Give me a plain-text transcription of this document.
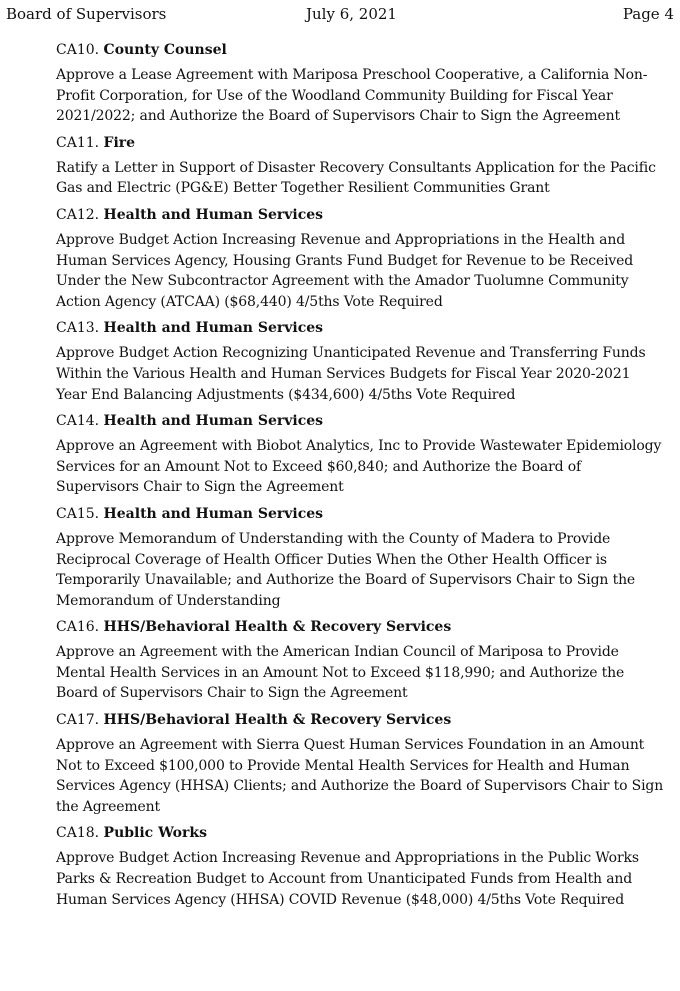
Board of Supervisors	July 6, 2021	Page 4
CA10. County Counsel
Approve a Lease Agreement with Mariposa Preschool Cooperative, a California Non-Profit Corporation, for Use of the Woodland Community Building for Fiscal Year 2021/2022; and Authorize the Board of Supervisors Chair to Sign the Agreement
CA11. Fire
Ratify a Letter in Support of Disaster Recovery Consultants Application for the Pacific Gas and Electric (PG&E) Better Together Resilient Communities Grant
CA12. Health and Human Services
Approve Budget Action Increasing Revenue and Appropriations in the Health and Human Services Agency, Housing Grants Fund Budget for Revenue to be Received Under the New Subcontractor Agreement with the Amador Tuolumne Community Action Agency (ATCAA) ($68,440) 4/5ths Vote Required
CA13. Health and Human Services
Approve Budget Action Recognizing Unanticipated Revenue and Transferring Funds Within the Various Health and Human Services Budgets for Fiscal Year 2020-2021 Year End Balancing Adjustments ($434,600) 4/5ths Vote Required
CA14. Health and Human Services
Approve an Agreement with Biobot Analytics, Inc to Provide Wastewater Epidemiology Services for an Amount Not to Exceed $60,840; and Authorize the Board of Supervisors Chair to Sign the Agreement
CA15. Health and Human Services
Approve Memorandum of Understanding with the County of Madera to Provide Reciprocal Coverage of Health Officer Duties When the Other Health Officer is Temporarily Unavailable; and Authorize the Board of Supervisors Chair to Sign the Memorandum of Understanding
CA16. HHS/Behavioral Health & Recovery Services
Approve an Agreement with the American Indian Council of Mariposa to Provide Mental Health Services in an Amount Not to Exceed $118,990; and Authorize the Board of Supervisors Chair to Sign the Agreement
CA17. HHS/Behavioral Health & Recovery Services
Approve an Agreement with Sierra Quest Human Services Foundation in an Amount Not to Exceed $100,000 to Provide Mental Health Services for Health and Human Services Agency (HHSA) Clients; and Authorize the Board of Supervisors Chair to Sign the Agreement
CA18. Public Works
Approve Budget Action Increasing Revenue and Appropriations in the Public Works Parks & Recreation Budget to Account from Unanticipated Funds from Health and Human Services Agency (HHSA) COVID Revenue ($48,000) 4/5ths Vote Required
